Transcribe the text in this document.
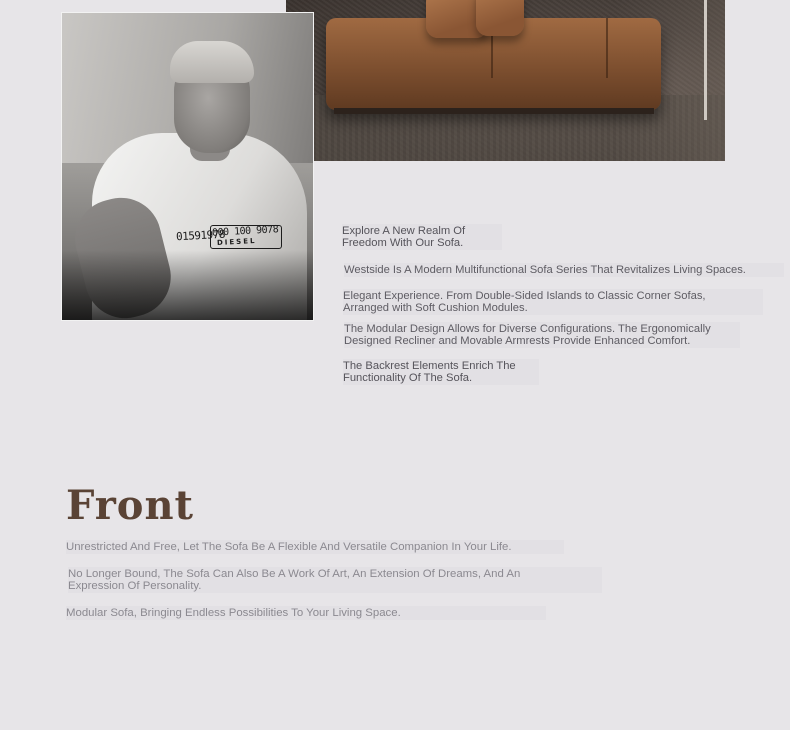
01591978
000 100 9078
DIESEL
Explore A New Realm Of
Freedom With Our Sofa.
Westside Is A Modern Multifunctional Sofa Series That Revitalizes Living Spaces.
Elegant Experience. From Double-Sided Islands to Classic Corner Sofas,
Arranged with Soft Cushion Modules.
The Modular Design Allows for Diverse Configurations. The Ergonomically
Designed Recliner and Movable Armrests Provide Enhanced Comfort.
The Backrest Elements Enrich The
Functionality Of The Sofa.
Front
Unrestricted And Free, Let The Sofa Be A Flexible And Versatile Companion In Your Life.
No Longer Bound, The Sofa Can Also Be A Work Of Art, An Extension Of Dreams, And An
Expression Of Personality.
Modular Sofa, Bringing Endless Possibilities To Your Living Space.
